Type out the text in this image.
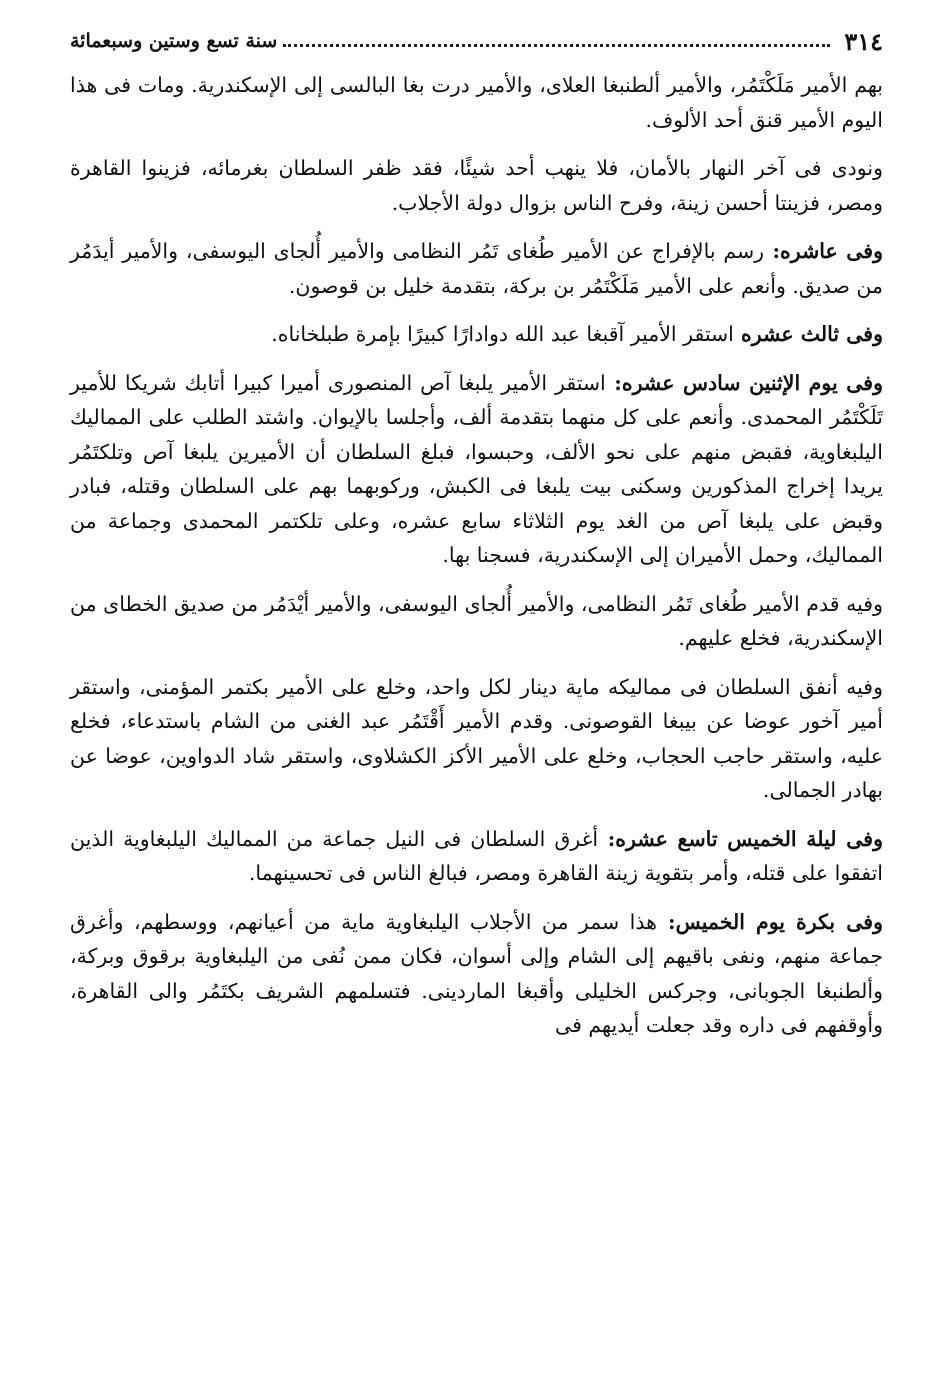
٣١٤
سنة تسع وستين وسبعمائة

بهم الأمير مَلَكْتَمُر، والأمير ألطنبغا العلاى، والأمير درت بغا البالسى إلى الإسكندرية. ومات فى هذا اليوم الأمير قنق أحد الألوف.

ونودى فى آخر النهار بالأمان، فلا ينهب أحد شيئًا، فقد ظفر السلطان بغرمائه، فزينوا القاهرة ومصر، فزينتا أحسن زينة، وفرح الناس بزوال دولة الأجلاب.

وفى عاشره: رسم بالإفراج عن الأمير طُغاى تَمُر النظامى والأمير أُلجاى اليوسفى، والأمير أيدَمُر من صديق. وأنعم على الأمير مَلَكْتَمُر بن بركة، بتقدمة خليل بن قوصون.

وفى ثالث عشره استقر الأمير آقبغا عبد الله دوادارًا كبيرًا بإمرة طبلخاناه.

وفى يوم الإثنين سادس عشره: استقر الأمير يلبغا آص المنصورى أميرا كبيرا أتابك شريكا للأمير تَلَكْتَمُر المحمدى. وأنعم على كل منهما بتقدمة ألف، وأجلسا بالإيوان. واشتد الطلب على المماليك اليلبغاوية، فقبض منهم على نحو الألف، وحبسوا، فبلغ السلطان أن الأميرين يلبغا آص وتلكتَمُر يريدا إخراج المذكورين وسكنى بيت يلبغا فى الكبش، وركوبهما بهم على السلطان وقتله، فبادر وقبض على يلبغا آص من الغد يوم الثلاثاء سابع عشره، وعلى تلكتمر المحمدى وجماعة من المماليك، وحمل الأميران إلى الإسكندرية، فسجنا بها.

وفيه قدم الأمير طُغاى تَمُر النظامى، والأمير أُلجاى اليوسفى، والأمير أيْدَمُر من صديق الخطاى من الإسكندرية، فخلع عليهم.

وفيه أنفق السلطان فى مماليكه ماية دينار لكل واحد، وخلع على الأمير بكتمر المؤمنى، واستقر أمير آخور عوضا عن بيبغا القوصونى. وقدم الأمير أَقْتَمُر عبد الغنى من الشام باستدعاء، فخلع عليه، واستقر حاجب الحجاب، وخلع على الأمير الأكز الكشلاوى، واستقر شاد الدواوين، عوضا عن بهادر الجمالى.

وفى ليلة الخميس تاسع عشره: أغرق السلطان فى النيل جماعة من المماليك اليلبغاوية الذين اتفقوا على قتله، وأمر بتقوية زينة القاهرة ومصر، فبالغ الناس فى تحسينهما.

وفى بكرة يوم الخميس: هذا سمر من الأجلاب اليلبغاوية ماية من أعيانهم، ووسطهم، وأغرق جماعة منهم، ونفى باقيهم إلى الشام وإلى أسوان، فكان ممن نُفى من اليلبغاوية برقوق وبركة، وألطنبغا الجوبانى، وجركس الخليلى وأقبغا الماردينى. فتسلمهم الشريف بكتَمُر والى القاهرة، وأوقفهم فى داره وقد جعلت أيديهم فى
